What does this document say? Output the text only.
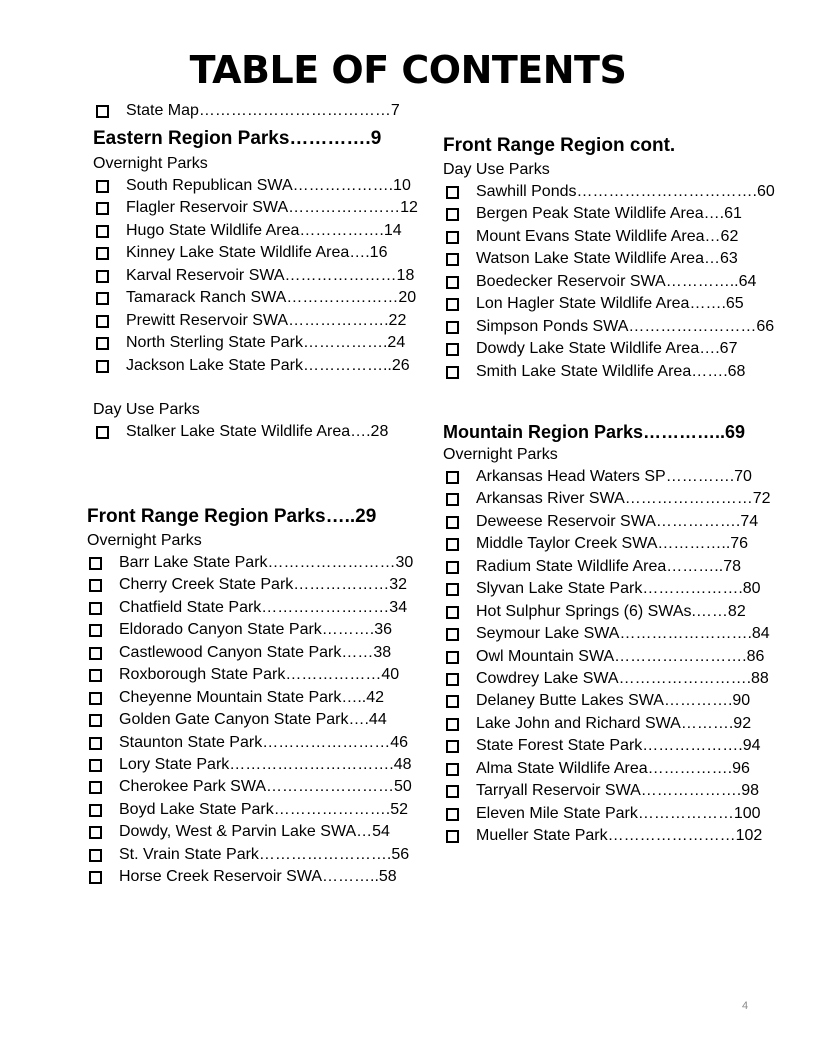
TABLE OF CONTENTS
State Map………………………………7
Eastern Region Parks………….9
Overnight Parks
South Republican SWA……………….10
Flagler Reservoir SWA…………………12
Hugo State Wildlife Area…………….14
Kinney Lake State Wildlife Area….16
Karval Reservoir SWA…………………18
Tamarack Ranch SWA…………………20
Prewitt Reservoir SWA……………….22
North Sterling State Park…………….24
Jackson Lake State Park……………..26
Day Use Parks
Stalker Lake State Wildlife Area….28
Front Range Region Parks…..29
Overnight Parks
Barr Lake State Park……………………30
Cherry Creek State Park………………32
Chatfield State Park……………………34
Eldorado Canyon State Park……….36
Castlewood Canyon State Park……38
Roxborough State Park………………40
Cheyenne Mountain State Park…..42
Golden Gate Canyon State Park….44
Staunton State Park……………………46
Lory State Park………………………….48
Cherokee Park SWA……………………50
Boyd Lake State Park………………….52
Dowdy, West & Parvin Lake SWA…54
St. Vrain State Park…………………….56
Horse Creek Reservoir SWA………..58
Front Range Region cont.
Day Use Parks
Sawhill Ponds…………………………….60
Bergen Peak State Wildlife Area….61
Mount Evans State Wildlife Area…62
Watson Lake State Wildlife Area…63
Boedecker Reservoir SWA…………..64
Lon Hagler State Wildlife Area…….65
Simpson Ponds SWA……………………66
Dowdy Lake State Wildlife Area….67
Smith Lake State Wildlife Area…….68
Mountain Region Parks…………..69
Overnight Parks
Arkansas Head Waters SP………….70
Arkansas River SWA……………………72
Deweese Reservoir SWA…………….74
Middle Taylor Creek SWA…………..76
Radium State Wildlife Area………..78
Slyvan Lake State Park……………….80
Hot Sulphur Springs (6) SWAs.……82
Seymour Lake SWA…………………….84
Owl Mountain SWA…………………….86
Cowdrey Lake SWA…………………….88
Delaney Butte Lakes SWA………….90
Lake John and Richard SWA……….92
State Forest State Park……………….94
Alma State Wildlife Area…………….96
Tarryall Reservoir SWA……………….98
Eleven Mile State Park………………100
Mueller State Park……………………102
4
